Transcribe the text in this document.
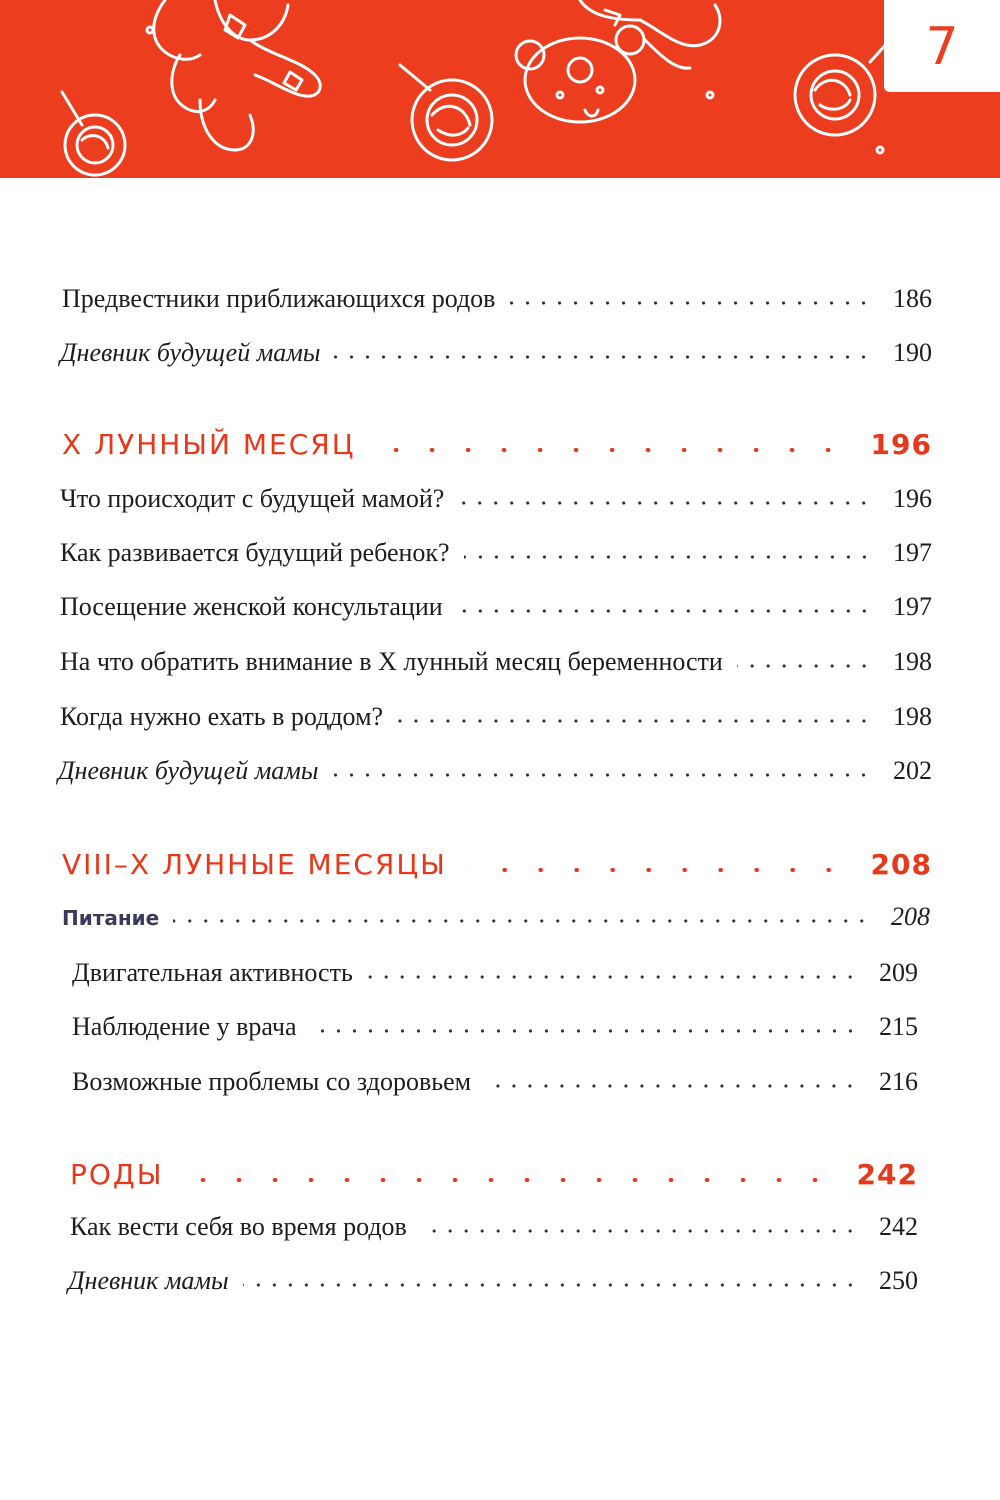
7
Предвестники приближающихся родов	186
Дневник будущей мамы	190
X ЛУННЫЙ МЕСЯЦ	196
Что происходит с будущей мамой?	196
Как развивается будущий ребенок?	197
Посещение женской консультации	197
На что обратить внимание в X лунный месяц беременности	198
Когда нужно ехать в роддом?	198
Дневник будущей мамы	202
VIII–X ЛУННЫЕ МЕСЯЦЫ	208
Питание	208
Двигательная активность	209
Наблюдение у врача	215
Возможные проблемы со здоровьем	216
РОДЫ	242
Как вести себя во время родов	242
Дневник мамы	250
